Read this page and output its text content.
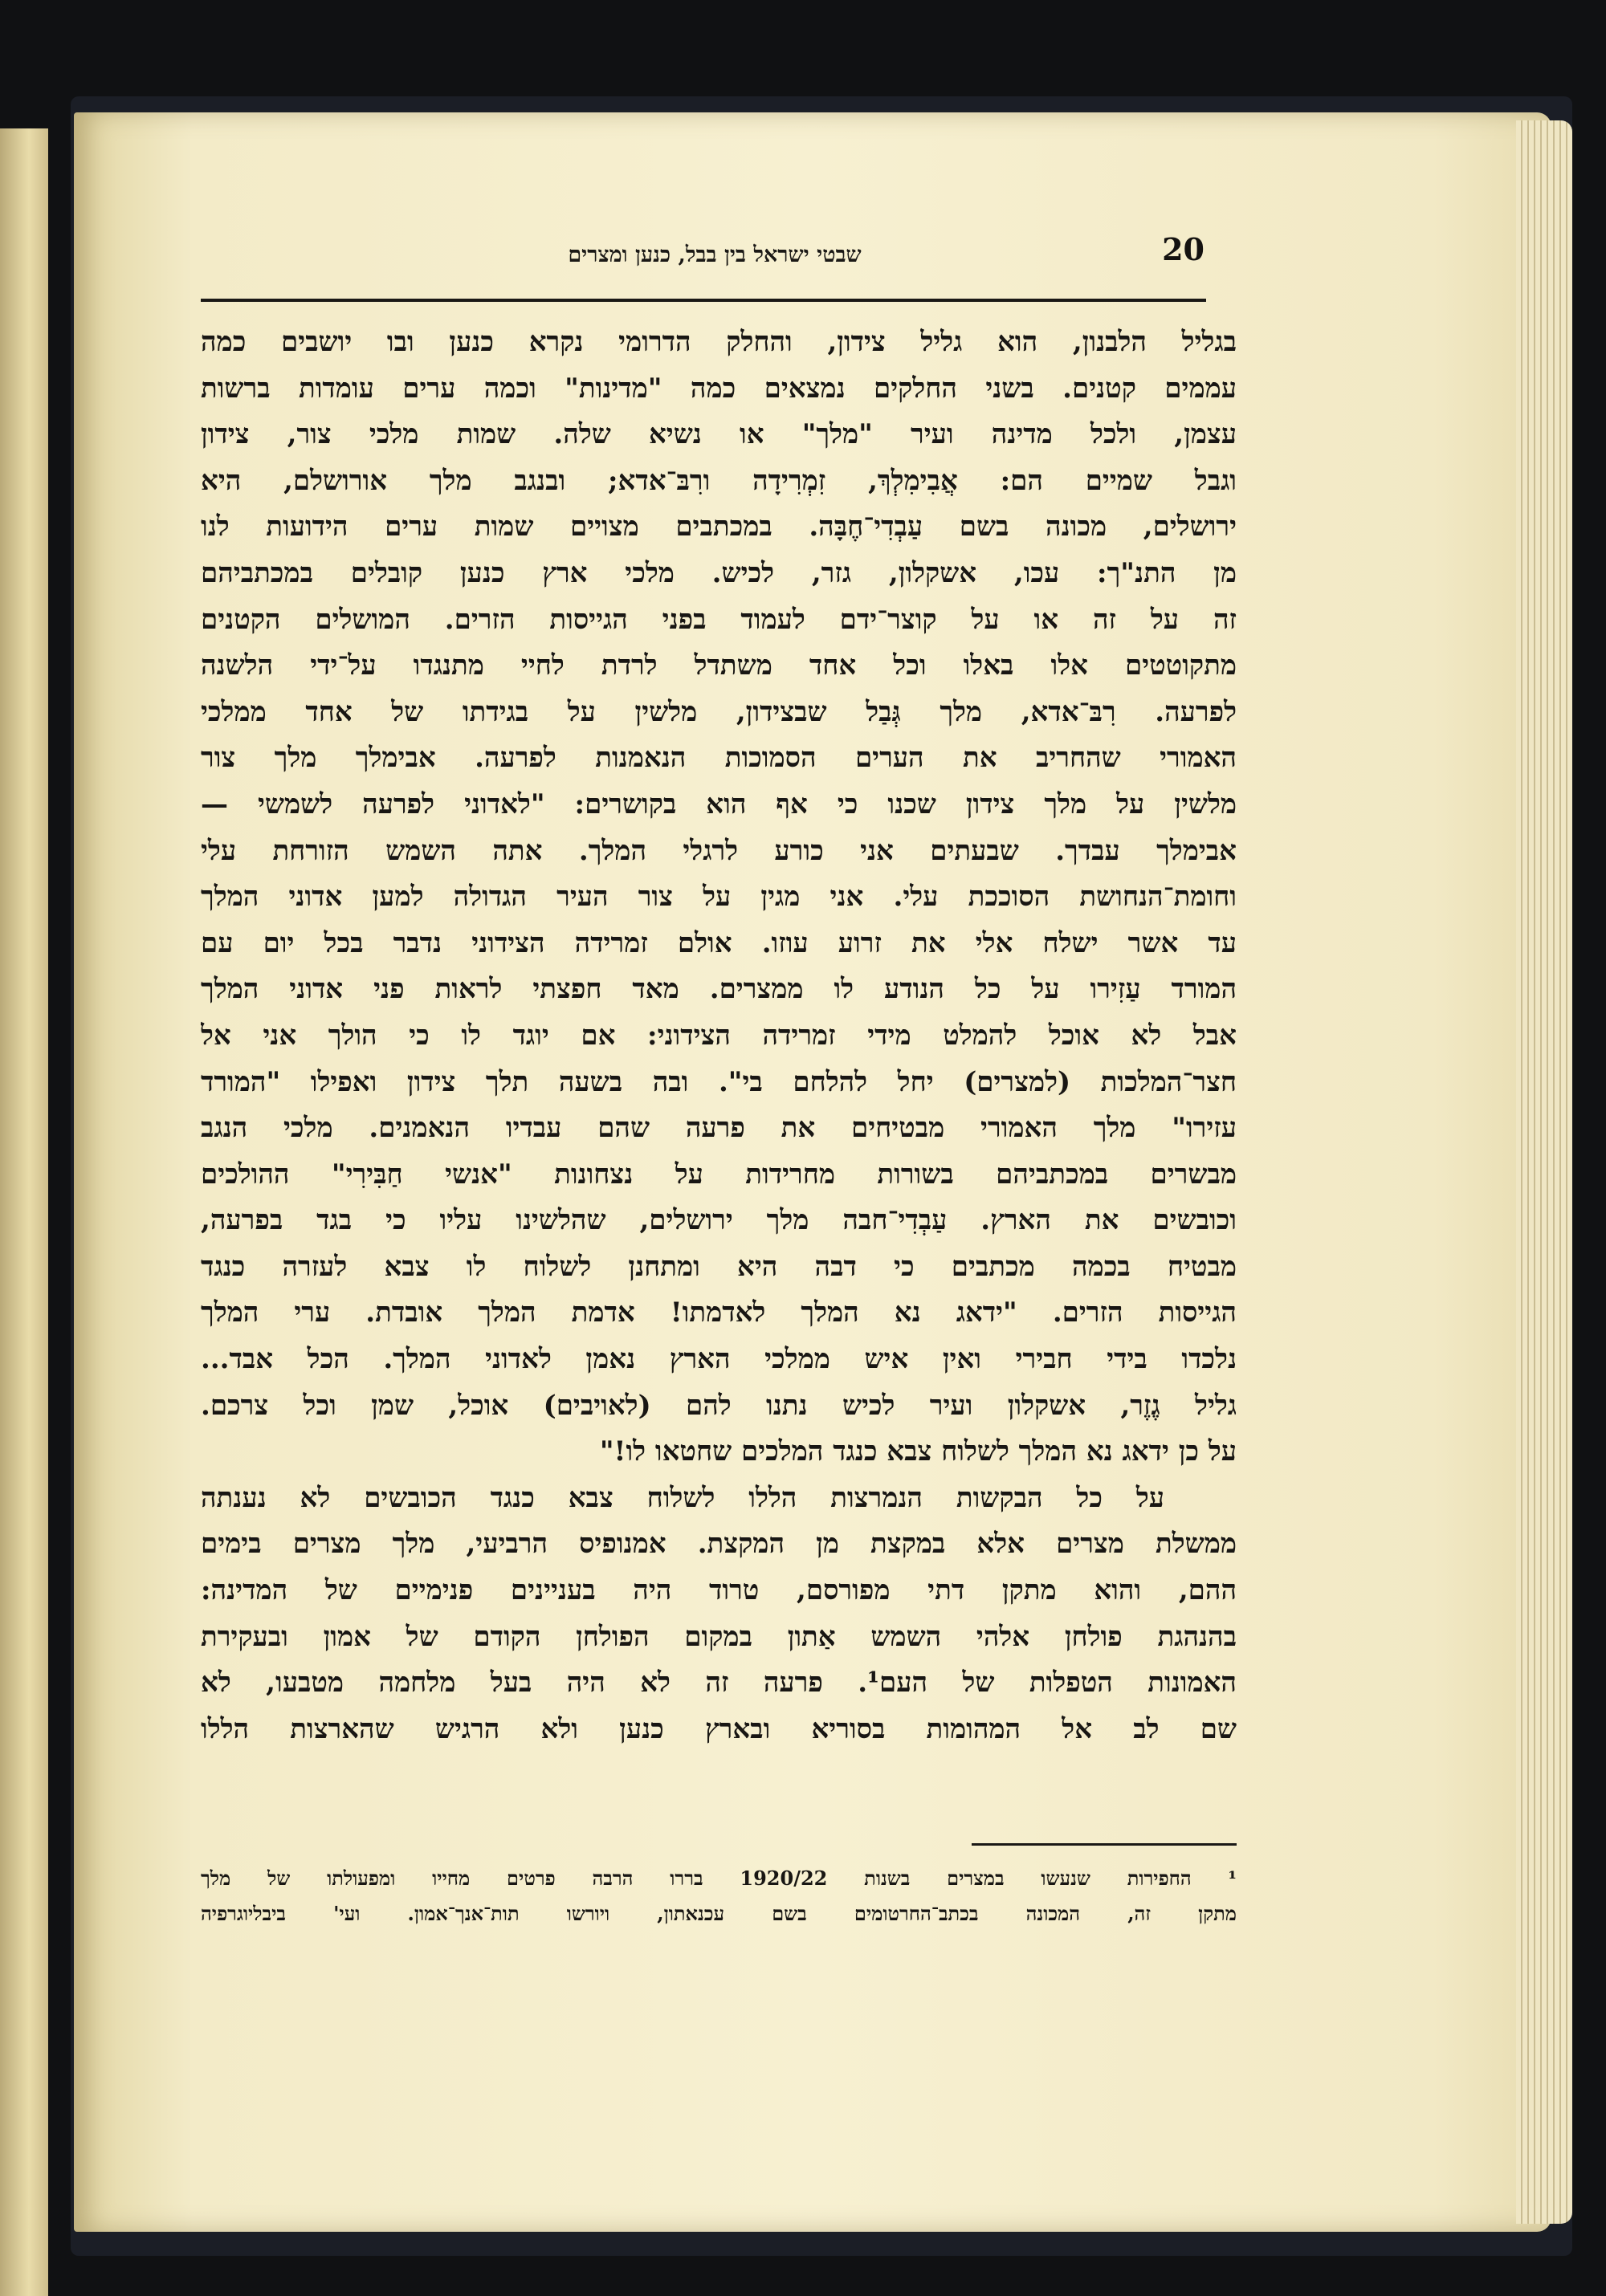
20
שבטי ישראל בין בבל, כנען ומצרים
בגליל הלבנון, הוא גליל צידון, והחלק הדרומי נקרא כנען ובו יושבים כמה
עממים קטנים. בשני החלקים נמצאים כמה "מדינות" וכמה ערים עומדות ברשות
עצמן, ולכל מדינה ועיר "מלך" או נשיא שלה. שמות מלכי צור, צידון
וגבל שמיים הם: אֲבִימִלְךְ, זִמְרִידָה ורִבּ־אדא; ובנגב מלך אורושלם, היא
ירושלים, מכונה בשם עַבְדִי־חֶבָּה. במכתבים מצויים שמות ערים הידועות לנו
מן התנ"ך: עכו, אשקלון, גזר, לכיש. מלכי ארץ כנען קובלים במכתביהם
זה על זה או על קוצר־ידם לעמוד בפני הגייסות הזרים. המושלים הקטנים
מתקוטטים אלו באלו וכל אחד משתדל לרדת לחיי מתנגדו על־ידי הלשנה
לפרעה. רִבּ־אדא, מלך גְּבַל שבצידון, מלשין על בגידתו של אחד ממלכי
האמורי שהחריב את הערים הסמוכות הנאמנות לפרעה. אבימלך מלך צור
מלשין על מלך צידון שכנו כי אף הוא בקושרים: "לאדוני לפרעה לשמשי —
אבימלך עבדך. שבעתים אני כורע לרגלי המלך. אתה השמש הזורחת עלי
וחומת־הנחושת הסוככת עלי. אני מגין על צור העיר הגדולה למען אדוני המלך
עד אשר ישלח אלי את זרוע עוזו. אולם זמרידה הצידוני נדבר בכל יום עם
המורד עַזִירו על כל הנודע לו ממצרים. מאד חפצתי לראות פני אדוני המלך
אבל לא אוכל להמלט מידי זמרידה הצידוני: אם יוגד לו כי הולך אני אל
חצר־המלכות (למצרים) יחל להלחם בי". ובה בשעה תלך צידון ואפילו "המורד
עזירו" מלך האמורי מבטיחים את פרעה שהם עבדיו הנאמנים. מלכי הנגב
מבשרים במכתביהם בשורות מחרידות על נצחונות "אנשי חַבִּירִי" ההולכים
וכובשים את הארץ. עַבְדִי־חבה מלך ירושלים, שהלשינו עליו כי בגד בפרעה,
מבטיח בכמה מכתבים כי דבה היא ומתחנן לשלוח לו צבא לעזרה כנגד
הגייסות הזרים. "ידאג נא המלך לאדמתו! אדמת המלך אובדת. ערי המלך
נלכדו בידי חבירי ואין איש ממלכי הארץ נאמן לאדוני המלך. הכל אבד...
גליל גֶזֶר, אשקלון ועיר לכיש נתנו להם (לאויבים) אוכל, שמן וכל צרכם.
על כן ידאג נא המלך לשלוח צבא כנגד המלכים שחטאו לו!"
על כל הבקשות הנמרצות הללו לשלוח צבא כנגד הכובשים לא נענתה
ממשלת מצרים אלא במקצת מן המקצת. אמנופיס הרביעי, מלך מצרים בימים
ההם, והוא מתקן דתי מפורסם, טרוד היה בעניינים פנימיים של המדינה:
בהנהגת פולחן אלהי השמש אַתון במקום הפולחן הקודם של אמון ובעקירת
האמונות הטפלות של העם¹. פרעה זה לא היה בעל מלחמה מטבעו, לא
שם לב אל המהומות בסוריא ובארץ כנען ולא הרגיש שהארצות הללו
¹ החפירות שנעשו במצרים בשנות 1920/22 בררו הרבה פרטים מחייו ומפעולתו של מלך
מתקן זה, המכונה בכתב־החרטומים בשם עכנאתון, ויורשו תות־אנך־אמון. ועי' ביבליוגרפיה
